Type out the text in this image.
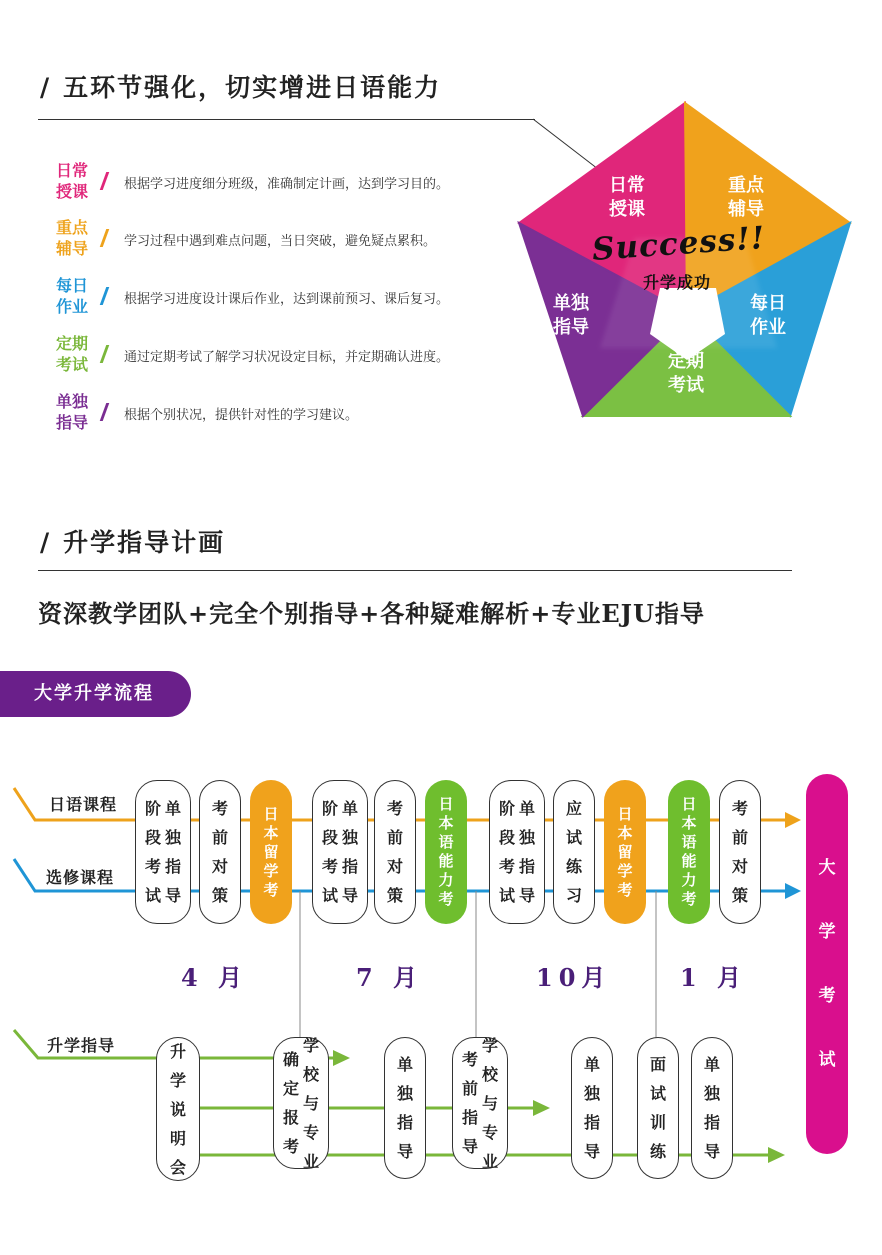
/ 五环节强化，切实增进日语能力
日常
授课	根据学习进度细分班级，准确制定计画，达到学习目的。
重点
辅导	学习过程中遇到难点问题，当日突破，避免疑点累积。
每日
作业	根据学习进度设计课后作业，达到课前预习、课后复习。
定期
考试	通过定期考试了解学习状况设定目标，并定期确认进度。
单独
指导	根据个别状况，提供针对性的学习建议。
Success!!
升学成功
日常
授课
重点
辅导
每日
作业
定期
考试
单独
指导
/ 升学指导计画
资深教学团队+完全个别指导+各种疑难解析+专业EJU指导
大学升学流程
日语课程
选修课程
升学指导
阶
段
考
试
单
独
指
导
考
前
对
策
日
本
留
学
考
阶
段
考
试
单
独
指
导
考
前
对
策
日
本
语
能
力
考
阶
段
考
试
单
独
指
导
应
试
练
习
日
本
留
学
考
日
本
语
能
力
考
考
前
对
策
4 月	7 月	10月	1 月
升
学
说
明
会
确
定
报
考
学
校
与
专
业
单
独
指
导
考
前
指
导
学
校
与
专
业
单
独
指
导
面
试
训
练
单
独
指
导
大
学
考
试
